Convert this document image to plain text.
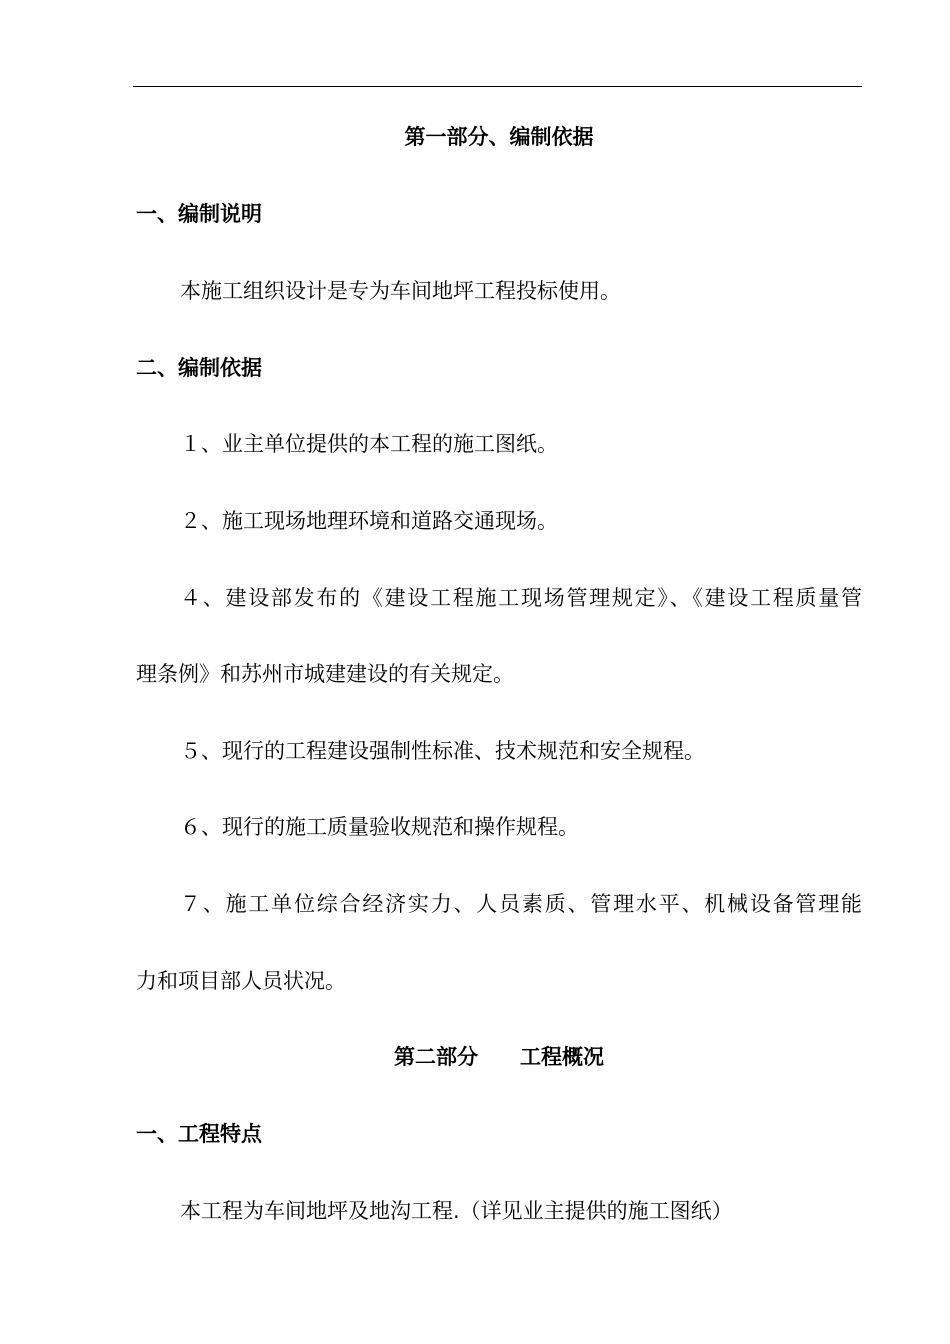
第一部分、编制依据
一、编制说明
本施工组织设计是专为车间地坪工程投标使用。
二、编制依据
１、业主单位提供的本工程的施工图纸。
２、施工现场地理环境和道路交通现场。
４、建设部发布的《建设工程施工现场管理规定》、《建设工程质量管
理条例》和苏州市城建建设的有关规定。
５、现行的工程建设强制性标准、技术规范和安全规程。
６、现行的施工质量验收规范和操作规程。
７、施工单位综合经济实力、人员素质、管理水平、机械设备管理能
力和项目部人员状况。
第二部分　　工程概况
一、工程特点
本工程为车间地坪及地沟工程.（详见业主提供的施工图纸）
